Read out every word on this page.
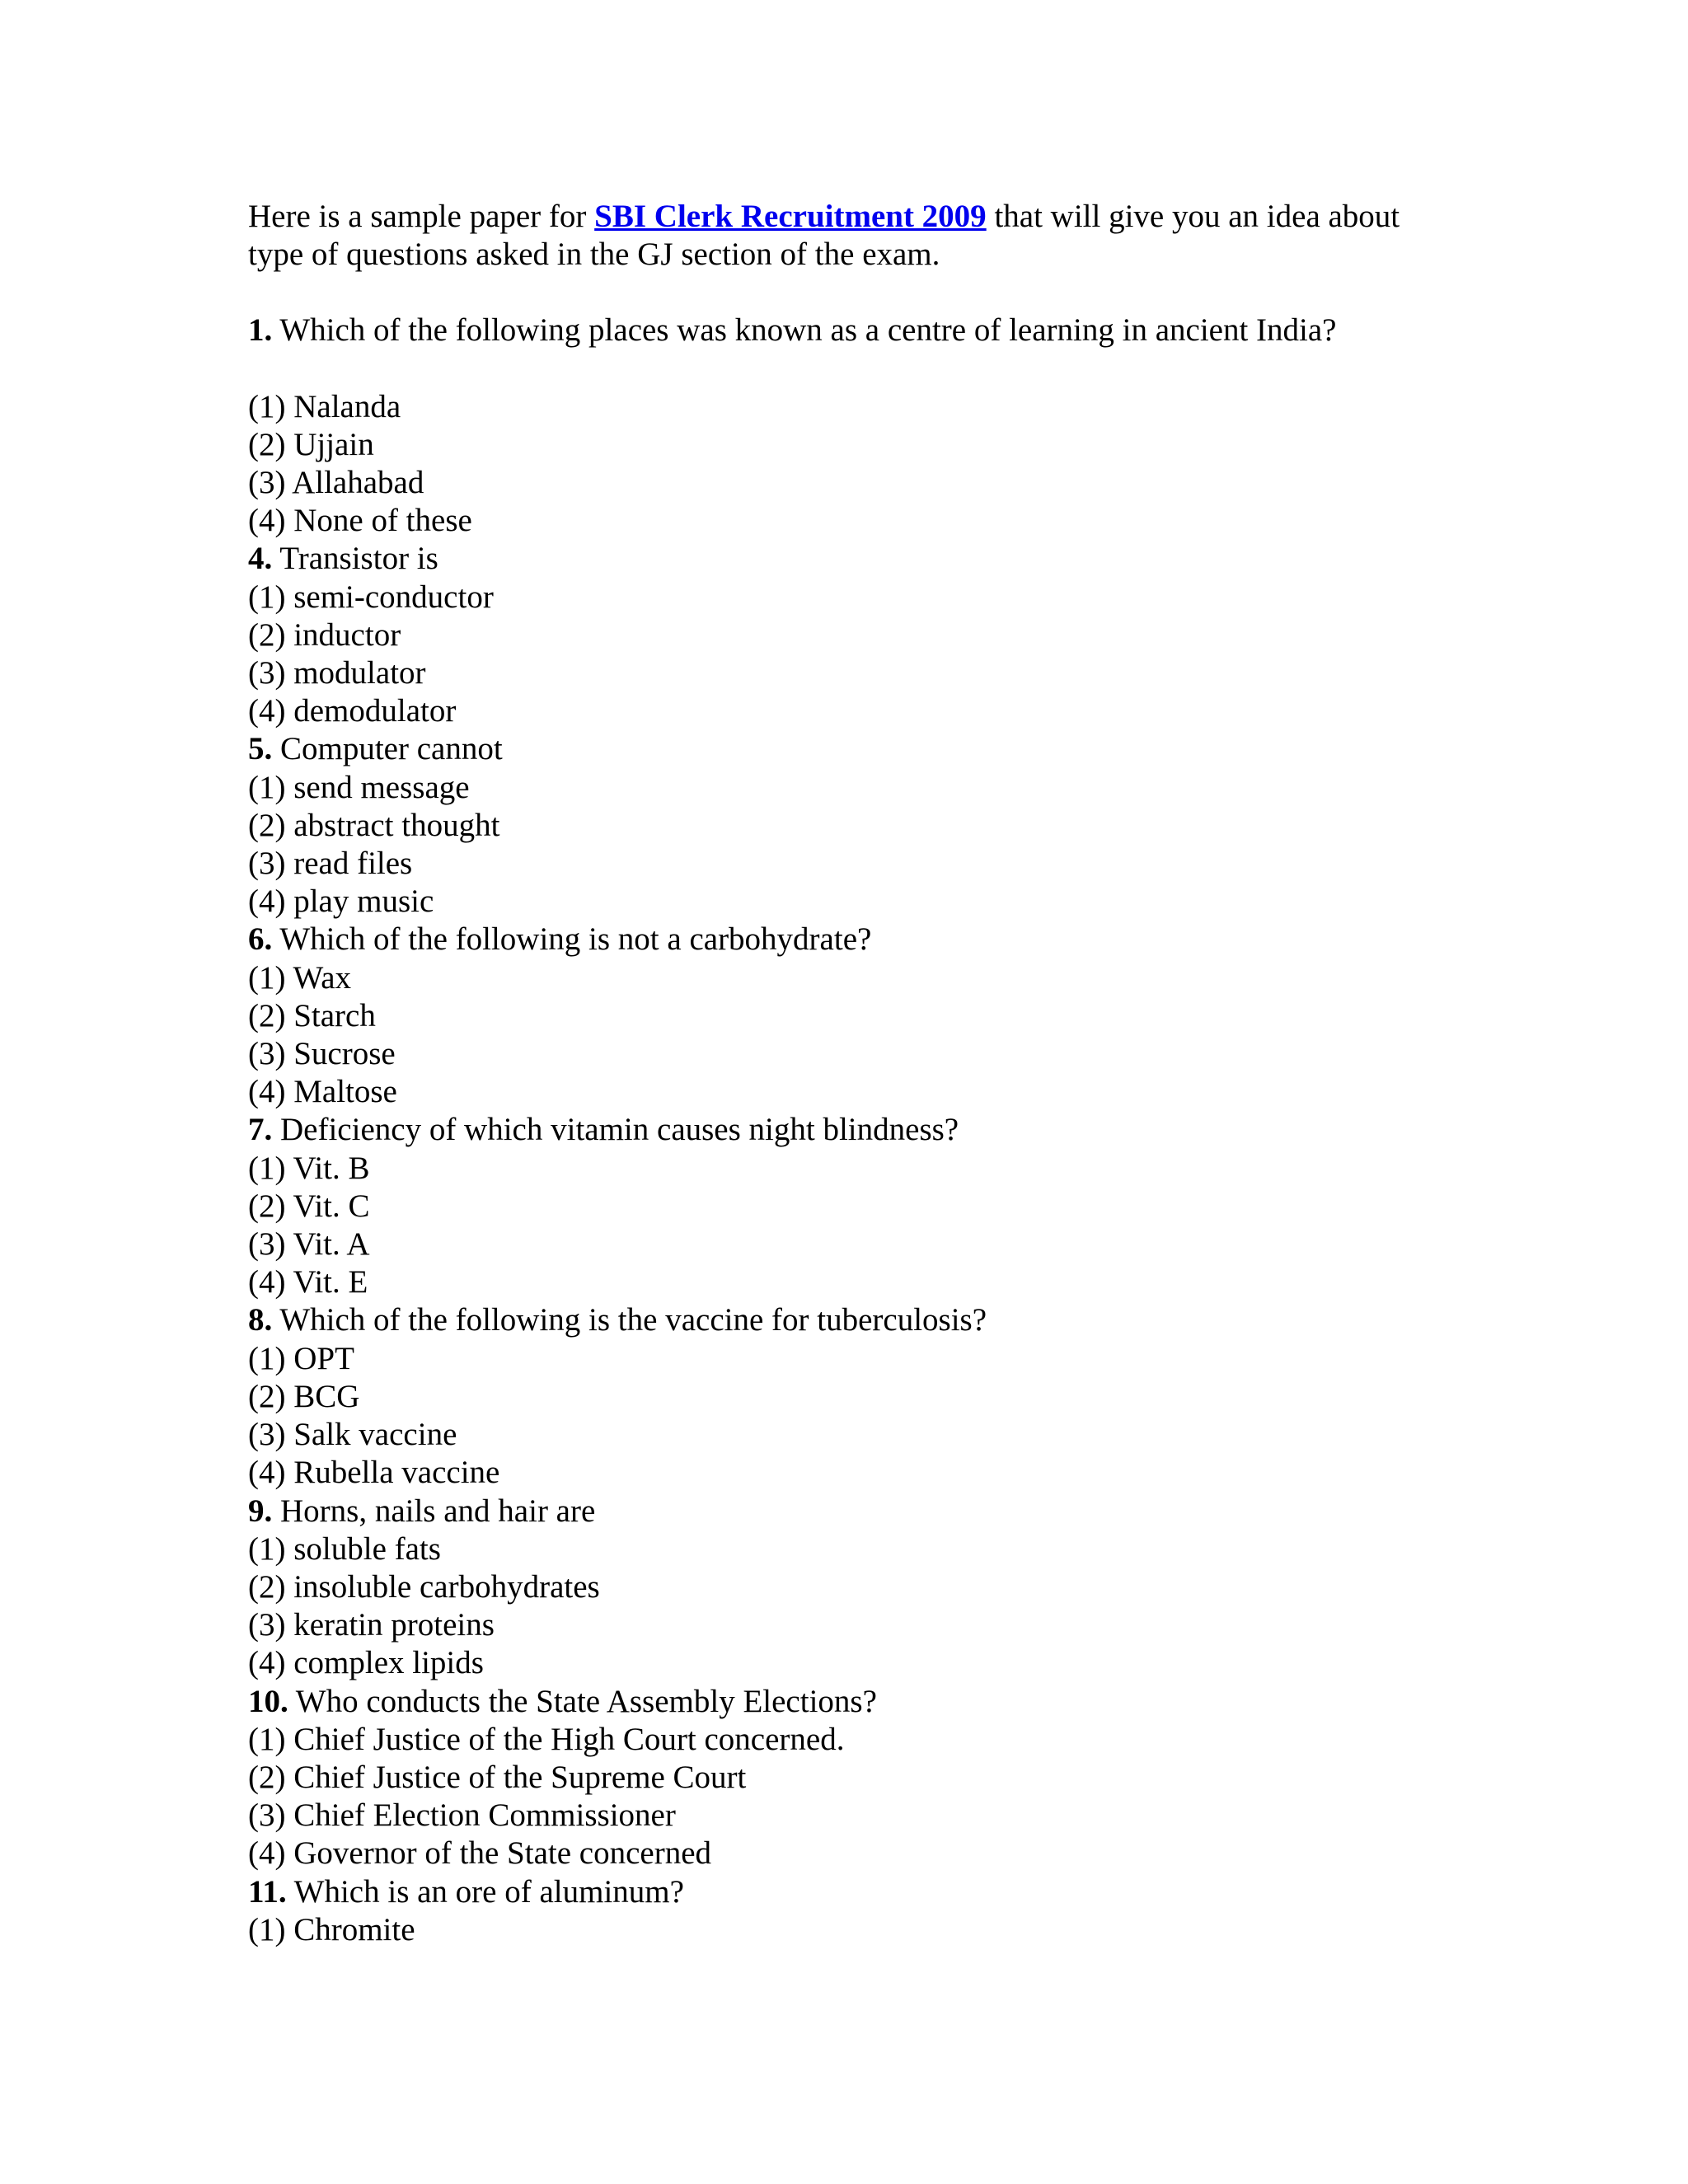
Here is a sample paper for SBI Clerk Recruitment 2009 that will give you an idea about

type of questions asked in the GJ section of the exam.

1. Which of the following places was known as a centre of learning in ancient India?
(1) Nalanda
(2) Ujjain
(3) Allahabad
(4) None of these
4. Transistor is
(1) semi-conductor
(2) inductor
(3) modulator
(4) demodulator
5. Computer cannot
(1) send message
(2) abstract thought
(3) read files
(4) play music
6. Which of the following is not a carbohydrate?
(1) Wax
(2) Starch
(3) Sucrose
(4) Maltose
7. Deficiency of which vitamin causes night blindness?
(1) Vit. B
(2) Vit. C
(3) Vit. A
(4) Vit. E
8. Which of the following is the vaccine for tuberculosis?
(1) OPT
(2) BCG
(3) Salk vaccine
(4) Rubella vaccine
9. Horns, nails and hair are
(1) soluble fats
(2) insoluble carbohydrates
(3) keratin proteins
(4) complex lipids
10. Who conducts the State Assembly Elections?
(1) Chief Justice of the High Court concerned.
(2) Chief Justice of the Supreme Court
(3) Chief Election Commissioner
(4) Governor of the State concerned
11. Which is an ore of aluminum?
(1) Chromite
